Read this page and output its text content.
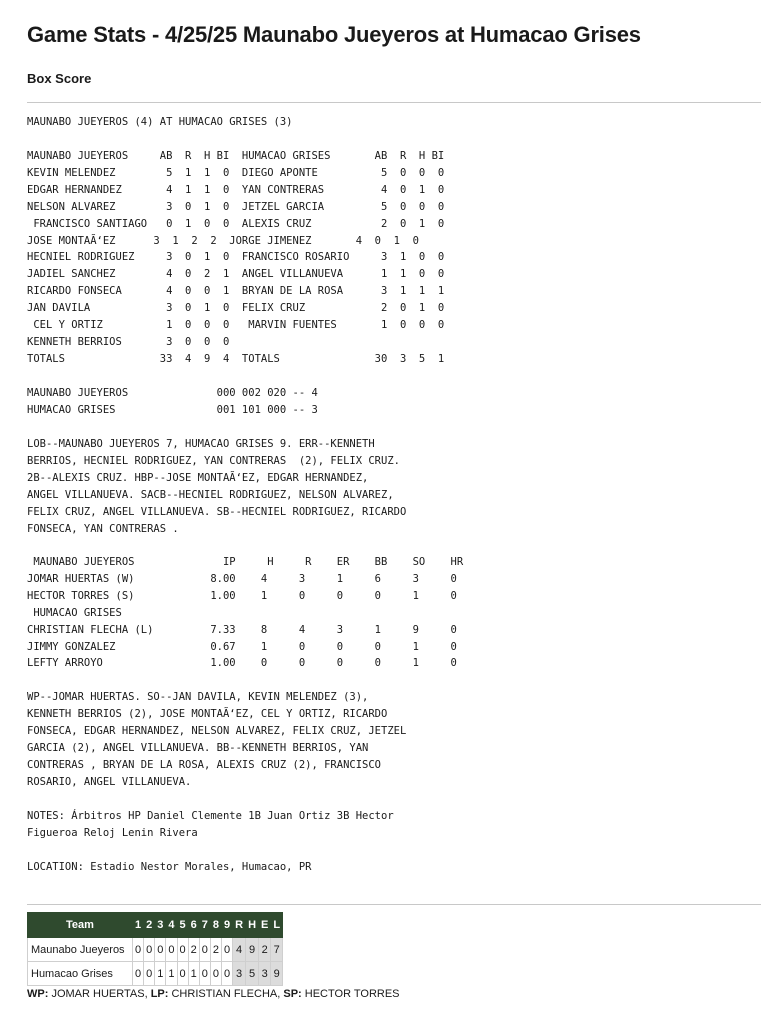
Game Stats - 4/25/25 Maunabo Jueyeros at Humacao Grises
Box Score
MAUNABO JUEYEROS (4) AT HUMACAO GRISES (3)
MAUNABO JUEYEROS     AB  R  H BI  HUMACAO GRISES       AB  R  H BI
KEVIN MELENDEZ        5  1  1  0  DIEGO APONTE          5  0  0  0
EDGAR HERNANDEZ       4  1  1  0  YAN CONTRERAS         4  0  1  0
NELSON ALVAREZ        3  0  1  0  JETZEL GARCIA         5  0  0  0
FRANCISCO SANTIAGO   0  1  0  0  ALEXIS CRUZ           2  0  1  0
JOSE MONTAÃ‘EZ      3  1  2  2  JORGE JIMENEZ       4  0  1  0
HECNIEL RODRIGUEZ     3  0  1  0  FRANCISCO ROSARIO     3  1  0  0
JADIEL SANCHEZ        4  0  2  1  ANGEL VILLANUEVA      1  1  0  0
RICARDO FONSECA       4  0  0  1  BRYAN DE LA ROSA      3  1  1  1
JAN DAVILA            3  0  1  0  FELIX CRUZ            2  0  1  0
CEL Y ORTIZ          1  0  0  0   MARVIN FUENTES       1  0  0  0
KENNETH BERRIOS       3  0  0  0
TOTALS               33  4  9  4  TOTALS               30  3  5  1
MAUNABO JUEYEROS              000 002 020 -- 4
HUMACAO GRISES                001 101 000 -- 3
LOB--MAUNABO JUEYEROS 7, HUMACAO GRISES 9. ERR--KENNETH
BERRIOS, HECNIEL RODRIGUEZ, YAN CONTRERAS  (2), FELIX CRUZ.
2B--ALEXIS CRUZ. HBP--JOSE MONTAÃ‘EZ, EDGAR HERNANDEZ,
ANGEL VILLANUEVA. SACB--HECNIEL RODRIGUEZ, NELSON ALVAREZ,
FELIX CRUZ, ANGEL VILLANUEVA. SB--HECNIEL RODRIGUEZ, RICARDO
FONSECA, YAN CONTRERAS .
MAUNABO JUEYEROS              IP     H     R    ER    BB    SO    HR
JOMAR HUERTAS (W)            8.00    4     3     1     6     3     0
HECTOR TORRES (S)            1.00    1     0     0     0     1     0
HUMACAO GRISES
CHRISTIAN FLECHA (L)         7.33    8     4     3     1     9     0
JIMMY GONZALEZ               0.67    1     0     0     0     1     0
LEFTY ARROYO                 1.00    0     0     0     0     1     0
WP--JOMAR HUERTAS. SO--JAN DAVILA, KEVIN MELENDEZ (3),
KENNETH BERRIOS (2), JOSE MONTAÃ‘EZ, CEL Y ORTIZ, RICARDO
FONSECA, EDGAR HERNANDEZ, NELSON ALVAREZ, FELIX CRUZ, JETZEL
GARCIA (2), ANGEL VILLANUEVA. BB--KENNETH BERRIOS, YAN
CONTRERAS , BRYAN DE LA ROSA, ALEXIS CRUZ (2), FRANCISCO
ROSARIO, ANGEL VILLANUEVA.
NOTES: Árbitros HP Daniel Clemente 1B Juan Ortiz 3B Hector
Figueroa Reloj Lenin Rivera
LOCATION: Estadio Nestor Morales, Humacao, PR
Team	1	2	3	4	5	6	7	8	9	R	H	E	L
Maunabo Jueyeros	0	0	0	0	0	2	0	2	0	4	9	2	7
Humacao Grises	0	0	1	1	0	1	0	0	0	3	5	3	9
WP: JOMAR HUERTAS, LP: CHRISTIAN FLECHA, SP: HECTOR TORRES
